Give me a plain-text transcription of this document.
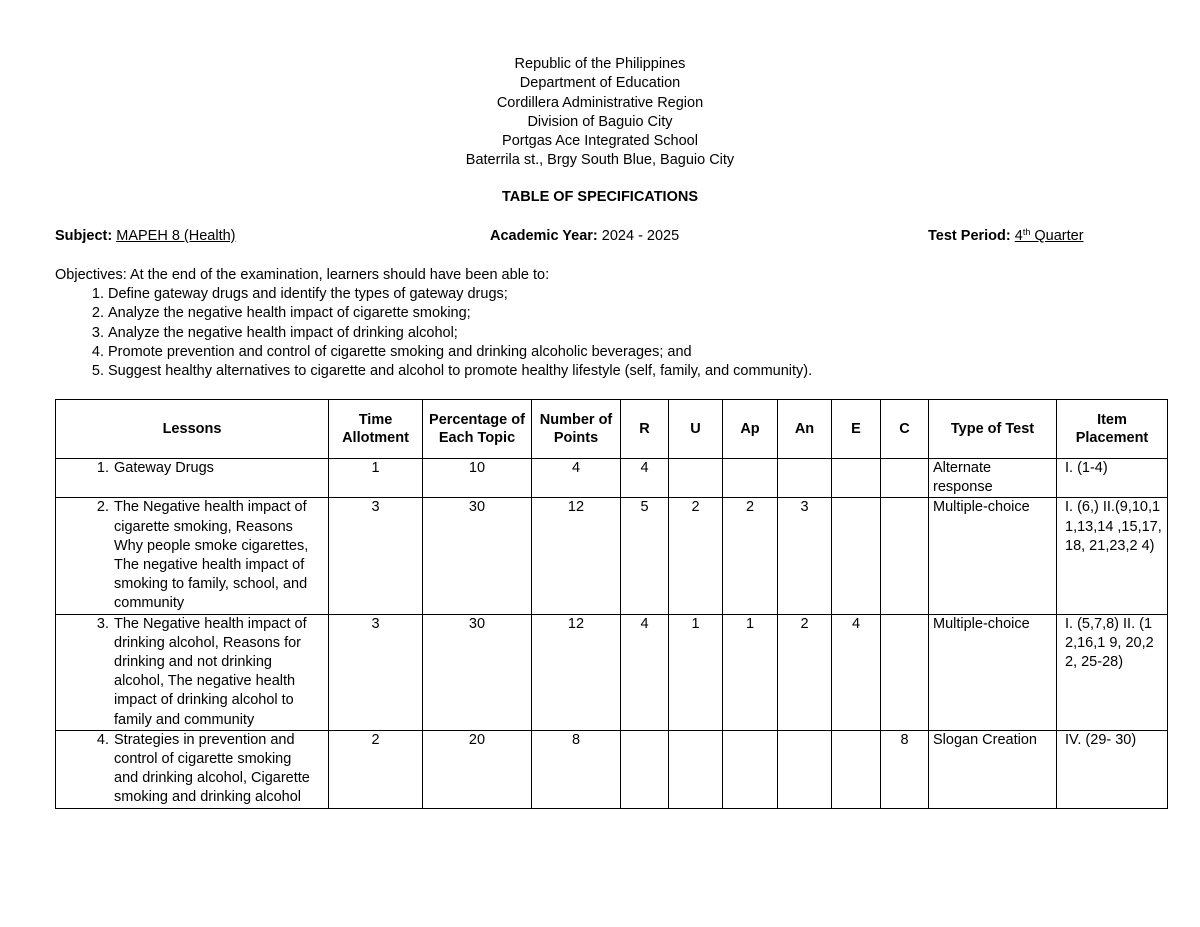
Republic of the Philippines
Department of Education
Cordillera Administrative Region
Division of Baguio City
Portgas Ace Integrated School
Baterrila st., Brgy South Blue, Baguio City
TABLE OF SPECIFICATIONS
Subject: MAPEH 8 (Health)	Academic Year: 2024 - 2025	Test Period: 4th Quarter
Objectives: At the end of the examination, learners should have been able to:
1. Define gateway drugs and identify the types of gateway drugs;
2. Analyze the negative health impact of cigarette smoking;
3. Analyze the negative health impact of drinking alcohol;
4. Promote prevention and control of cigarette smoking and drinking alcoholic beverages; and
5. Suggest healthy alternatives to cigarette and alcohol to promote healthy lifestyle (self, family, and community).
Lessons	Time Allotment	Percentage of Each Topic	Number of Points	R	U	Ap	An	E	C	Type of Test	Item Placement
1. Gateway Drugs	1	10	4	4						Alternate response	I. (1-4)
2. The Negative health impact of cigarette smoking, Reasons Why people smoke cigarettes, The negative health impact of smoking to family, school, and community	3	30	12	5	2	2	3			Multiple-choice	I. (6,) II.(9,10,1 1,13,14 ,15,17, 18, 21,23,2 4)
3. The Negative health impact of drinking alcohol, Reasons for drinking and not drinking alcohol, The negative health impact of drinking alcohol to family and community	3	30	12	4	1	1	2	4		Multiple-choice	I. (5,7,8) II. (12,16,1 9, 20,22, 25-28)
4. Strategies in prevention and control of cigarette smoking and drinking alcohol, Cigarette smoking and drinking alcohol	2	20	8						8	Slogan Creation	IV. (29- 30)
